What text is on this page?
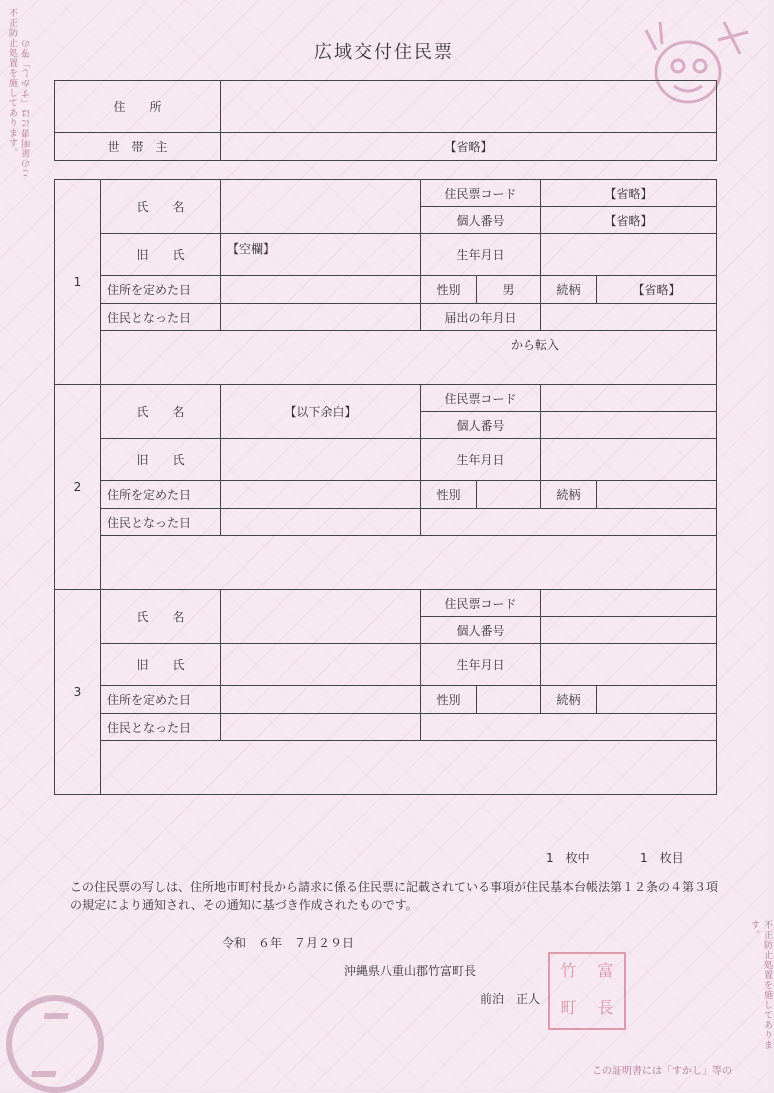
不正防止処置を施してあります。 この証明書には「すかし」等の
不正防止処置を施してあります。
この証明書には「すかし」等の
広域交付住民票
住　　所	
世　帯　主	【省略】
1	氏　　名		住民票コード		【省略】	
			個人番号		【省略】	
	旧　　氏	【空欄】	生年月日			
	住所を定めた日		性別	男	続柄	【省略】
	住民となった日		届出の年月日			
	から転入					

2	氏　　名	【以下余白】	住民票コード			
			個人番号			
	旧　　氏		生年月日			
	住所を定めた日		性別		続柄	
	住民となった日					

3	氏　　名		住民票コード			
			個人番号			
	旧　　氏		生年月日			
	住所を定めた日		性別		続柄	
	住民となった日					

1　枚中	1　枚目
この住民票の写しは、住所地市町村長から請求に係る住民票に記載されている事項が住民基本台帳法第１２条の４第３項の規定により通知され、その通知に基づき作成されたものです。
令和　６年　７月２９日
沖縄県八重山郡竹富町長
前泊　正人
竹	富
町	長
